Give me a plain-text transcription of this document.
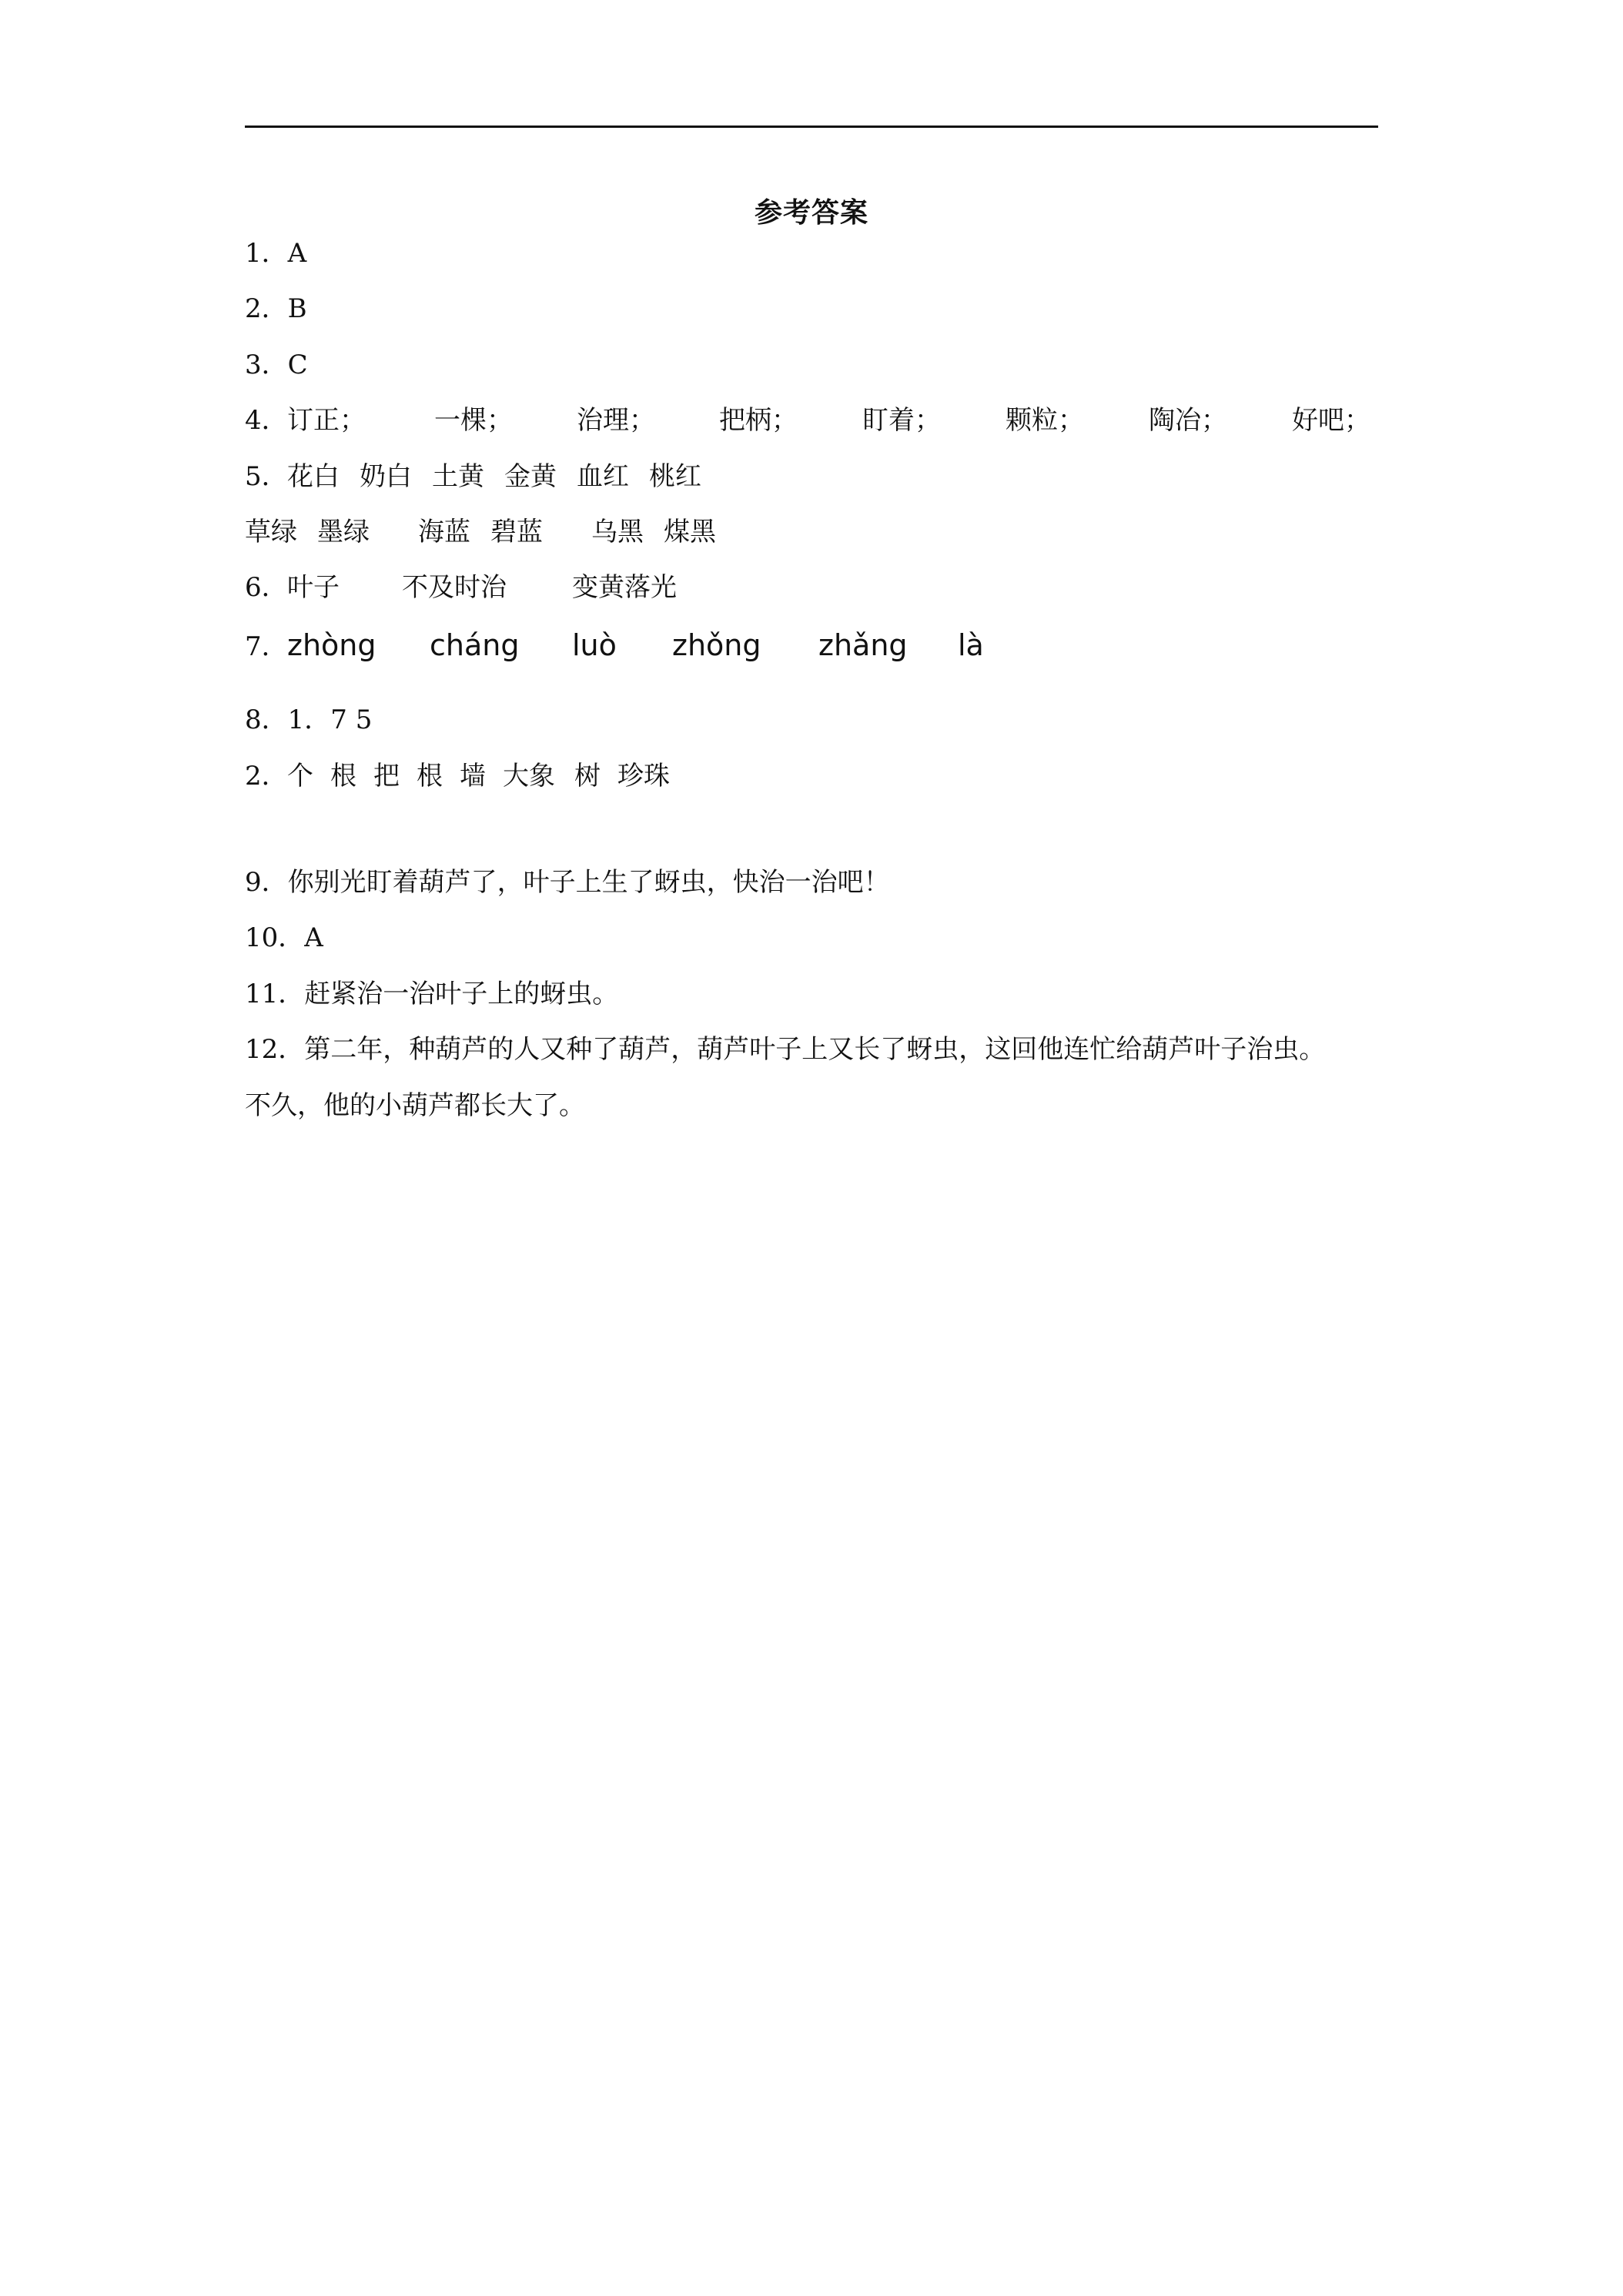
参考答案
1．A
2．B
3．C
4． 订正；	一棵； 治理； 把柄； 盯着； 颗粒； 陶冶； 好吧；
5． 花白 奶白 土黄 金黄 血红 桃红
草绿 墨绿 海蓝 碧蓝 乌黑 煤黑
6． 叶子 不及时治	变黄落光
7． zhòng cháng luò zhǒng zhǎng là
8．1．7 5
2． 个 根 把 根 墙 大象 树 珍珠
9．你别光盯着葫芦了，叶子上生了蚜虫，快治一治吧！
10．A
11．赶紧治一治叶子上的蚜虫。
12．第二年，种葫芦的人又种了葫芦，葫芦叶子上又长了蚜虫，这回他连忙给葫芦叶子治虫。
不久，他的小葫芦都长大了。
